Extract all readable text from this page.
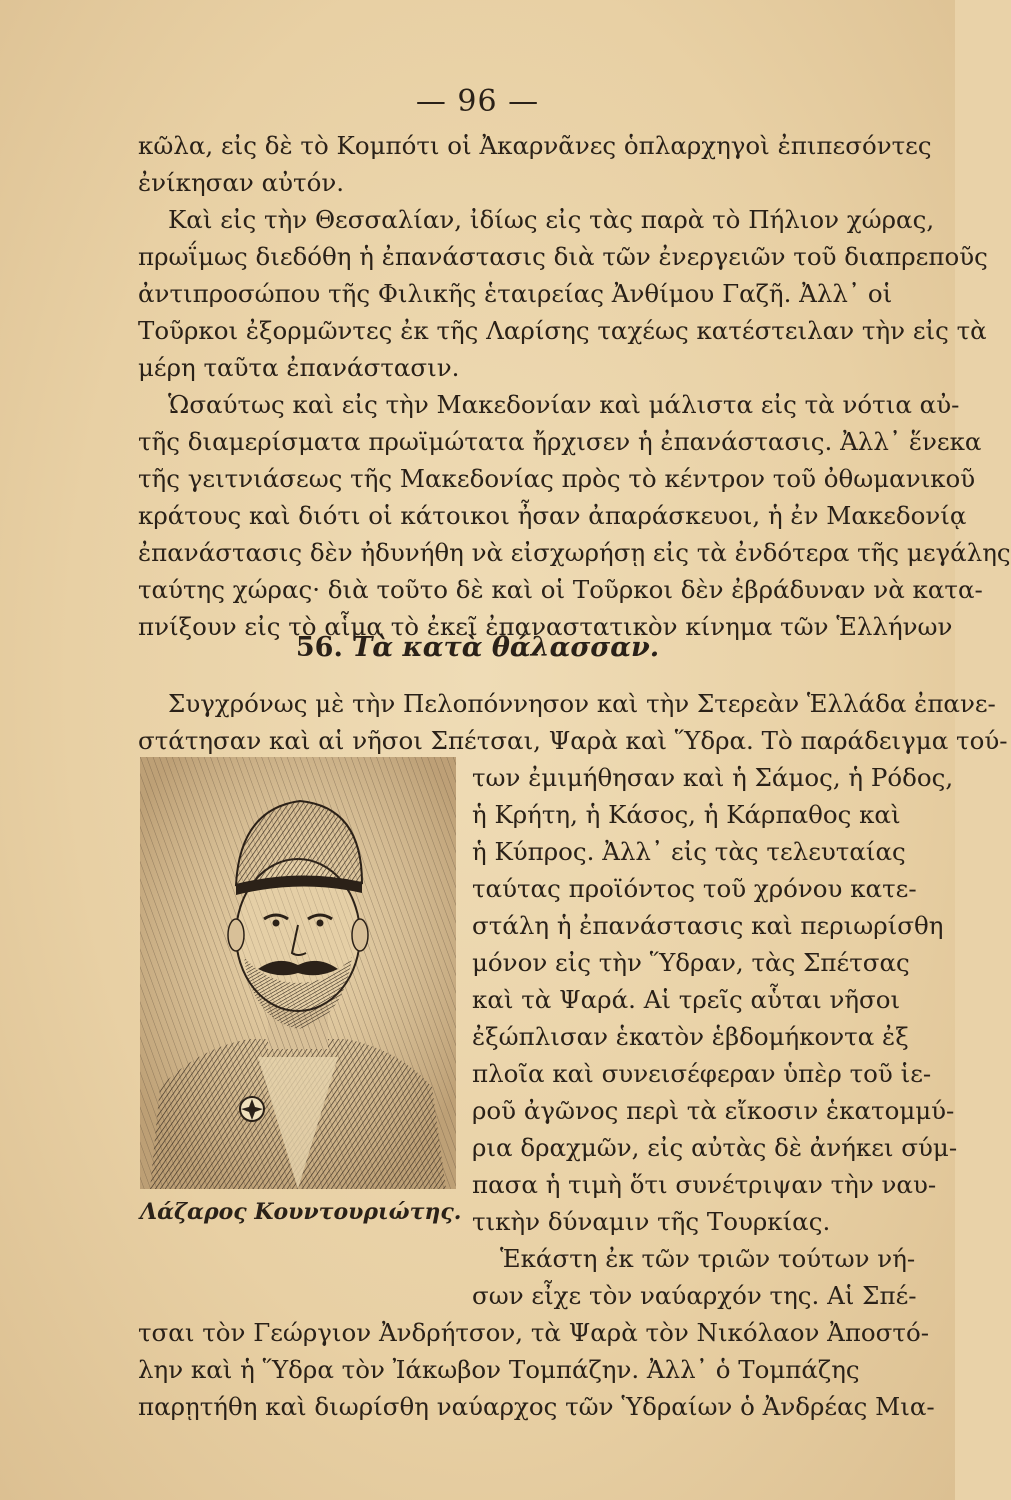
— 96 —
κῶλα, εἰς δὲ τὸ Κομπότι οἱ Ἀκαρνᾶνες ὁπλαρχηγοὶ ἐπιπεσόντες
ἐνίκησαν αὐτόν.
Καὶ εἰς τὴν Θεσσαλίαν, ἰδίως εἰς τὰς παρὰ τὸ Πήλιον χώρας,
πρωΐμως διεδόθη ἡ ἐπανάστασις διὰ τῶν ἐνεργειῶν τοῦ διαπρεποῦς
ἀντιπροσώπου τῆς Φιλικῆς ἑταιρείας Ἀνθίμου Γαζῆ. Ἀλλ᾽ οἱ
Τοῦρκοι ἐξορμῶντες ἐκ τῆς Λαρίσης ταχέως κατέστειλαν τὴν εἰς τὰ
μέρη ταῦτα ἐπανάστασιν.
Ὡσαύτως καὶ εἰς τὴν Μακεδονίαν καὶ μάλιστα εἰς τὰ νότια αὐ-
τῆς διαμερίσματα πρωϊμώτατα ἤρχισεν ἡ ἐπανάστασις. Ἀλλ᾽ ἕνεκα
τῆς γειτνιάσεως τῆς Μακεδονίας πρὸς τὸ κέντρον τοῦ ὀθωμανικοῦ
κράτους καὶ διότι οἱ κάτοικοι ἦσαν ἀπαράσκευοι, ἡ ἐν Μακεδονίᾳ
ἐπανάστασις δὲν ἠδυνήθη νὰ εἰσχωρήσῃ εἰς τὰ ἐνδότερα τῆς μεγάλης
ταύτης χώρας· διὰ τοῦτο δὲ καὶ οἱ Τοῦρκοι δὲν ἐβράδυναν νὰ κατα-
πνίξουν εἰς τὸ αἷμα τὸ ἐκεῖ ἐπαναστατικὸν κίνημα τῶν Ἑλλήνων
56. Τὰ κατὰ θάλασσαν.
Συγχρόνως μὲ τὴν Πελοπόννησον καὶ τὴν Στερεὰν Ἑλλάδα ἐπανε-
στάτησαν καὶ αἱ νῆσοι Σπέτσαι, Ψαρὰ καὶ Ὕδρα. Τὸ παράδειγμα τού-
των ἐμιμήθησαν καὶ ἡ Σάμος, ἡ Ρόδος,
ἡ Κρήτη, ἡ Κάσος, ἡ Κάρπαθος καὶ
ἡ Κύπρος. Ἀλλ᾽ εἰς τὰς τελευταίας
ταύτας προϊόντος τοῦ χρόνου κατε-
στάλη ἡ ἐπανάστασις καὶ περιωρίσθη
μόνον εἰς τὴν Ὕδραν, τὰς Σπέτσας
καὶ τὰ Ψαρά. Αἱ τρεῖς αὗται νῆσοι
ἐξώπλισαν ἑκατὸν ἑβδομήκοντα ἐξ
πλοῖα καὶ συνεισέφεραν ὑπὲρ τοῦ ἱε-
ροῦ ἀγῶνος περὶ τὰ εἴκοσιν ἑκατομμύ-
ρια δραχμῶν, εἰς αὐτὰς δὲ ἀνήκει σύμ-
πασα ἡ τιμὴ ὅτι συνέτριψαν τὴν ναυ-
τικὴν δύναμιν τῆς Τουρκίας.
Ἑκάστη ἐκ τῶν τριῶν τούτων νή-
σων εἶχε τὸν ναύαρχόν της. Αἱ Σπέ-
τσαι τὸν Γεώργιον Ἀνδρήτσον, τὰ Ψαρὰ τὸν Νικόλαον Ἀποστό-
λην καὶ ἡ Ὕδρα τὸν Ἰάκωβον Τομπάζην. Ἀλλ᾽ ὁ Τομπάζης
παρῃτήθη καὶ διωρίσθη ναύαρχος τῶν Ὑδραίων ὁ Ἀνδρέας Μια-
Λάζαρος Κουντουριώτης.
